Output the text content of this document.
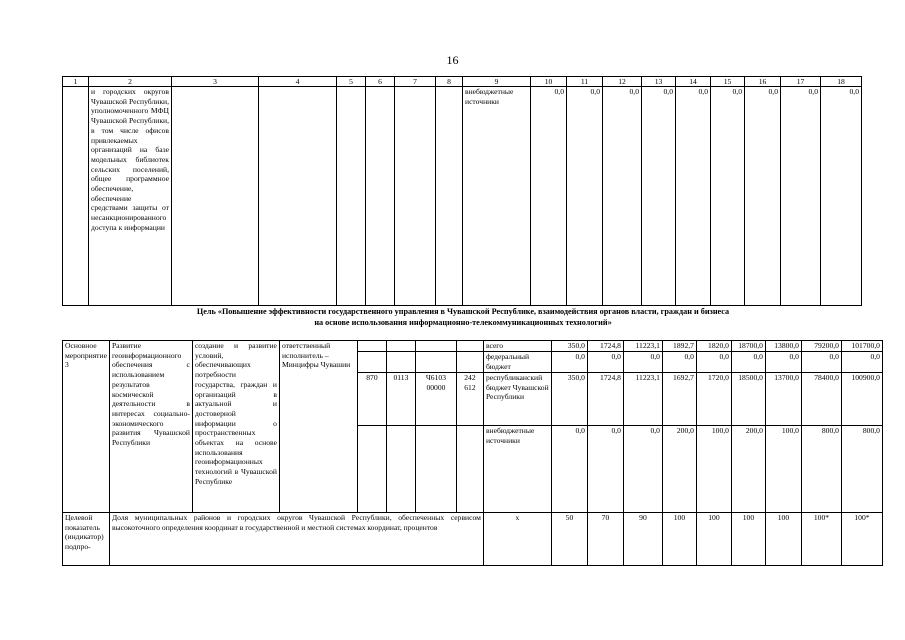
16
1	2	3	4	5	6	7	8	9	10	11	12	13	14	15	16	17	18
	и городских округов Чувашской Республики, уполномоченного МФЦ Чувашской Республики, в том числе офисов привлекаемых организаций на базе модельных библиотек сельских поселений, общее программное обеспечение, обеспечение средствами защиты от несанкционированного доступа к информации							внебюджетные источники	0,0	0,0	0,0	0,0	0,0	0,0	0,0	0,0	0,0
Цель «Повышение эффективности государственного управления в Чувашской Республике, взаимодействия органов власти, граждан и бизнеса
на основе использования информационно-телекоммуникационных технологий»
Основное мероприятие 3	Развитие геоинформационного обеспечения с использованием результатов космической деятельности в интересах социально-экономического развития Чувашской Республики	создание и развитие условий, обеспечивающих потребности государства, граждан и организаций в актуальной и достоверной информации о пространственных объектах на основе использования геоинформационных технологий в Чувашской Республике	ответственный исполнитель – Минцифры Чувашии					всего	350,0	1724,8	11223,1	1892,7	1820,0	18700,0	13800,0	79200,0	101700,0
								федеральный бюджет	0,0	0,0	0,0	0,0	0,0	0,0	0,0	0,0	0,0
				870	0113	Ч6103 00000	242 612	республиканский бюджет Чувашской Республики	350,0	1724,8	11223,1	1692,7	1720,0	18500,0	13700,0	78400,0	100900,0
								внебюджетные источники	0,0	0,0	0,0	200,0	100,0	200,0	100,0	800,0	800,0
Целевой показатель (индикатор) подпро-	Доля муниципальных районов и городских округов Чувашской Республики, обеспеченных сервисом высокоточного определения координат в государственной и местной системах координат, процентов							х	50	70	90	100	100	100	100	100*	100*
